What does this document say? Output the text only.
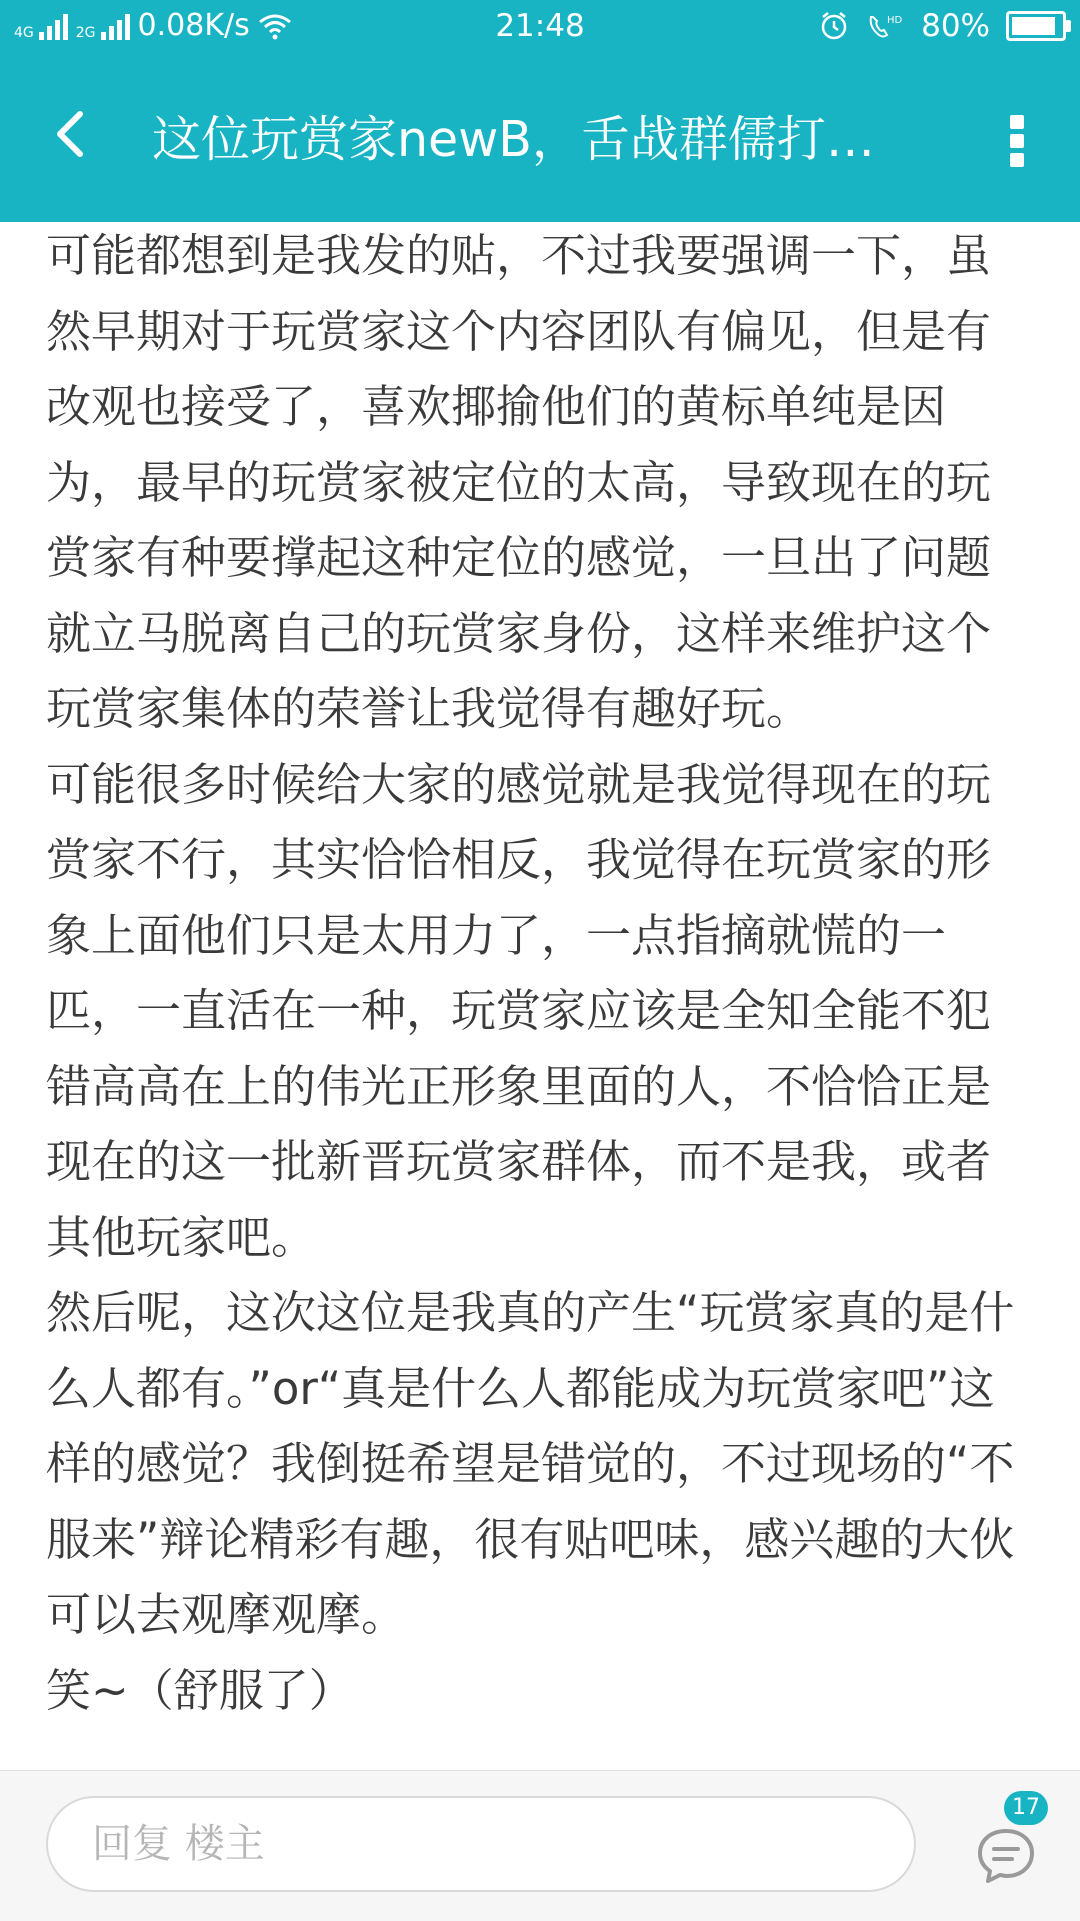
4G	2G 0.08K/s	21:48	HD 80%
这位玩赏家newB，舌战群儒打…

可能都想到是我发的贴，不过我要强调一下，虽然早期对于玩赏家这个内容团队有偏见，但是有改观也接受了，喜欢揶揄他们的黄标单纯是因为，最早的玩赏家被定位的太高，导致现在的玩赏家有种要撑起这种定位的感觉，一旦出了问题就立马脱离自己的玩赏家身份，这样来维护这个玩赏家集体的荣誉让我觉得有趣好玩。

可能很多时候给大家的感觉就是我觉得现在的玩赏家不行，其实恰恰相反，我觉得在玩赏家的形象上面他们只是太用力了，一点指摘就慌的一匹，一直活在一种，玩赏家应该是全知全能不犯错高高在上的伟光正形象里面的人，不恰恰正是现在的这一批新晋玩赏家群体，而不是我，或者其他玩家吧。

然后呢，这次这位是我真的产生“玩赏家真的是什么人都有。”or“真是什么人都能成为玩赏家吧”这样的感觉？我倒挺希望是错觉的，不过现场的“不服来”辩论精彩有趣，很有贴吧味，感兴趣的大伙可以去观摩观摩。

笑~（舒服了）

回复 楼主
17
